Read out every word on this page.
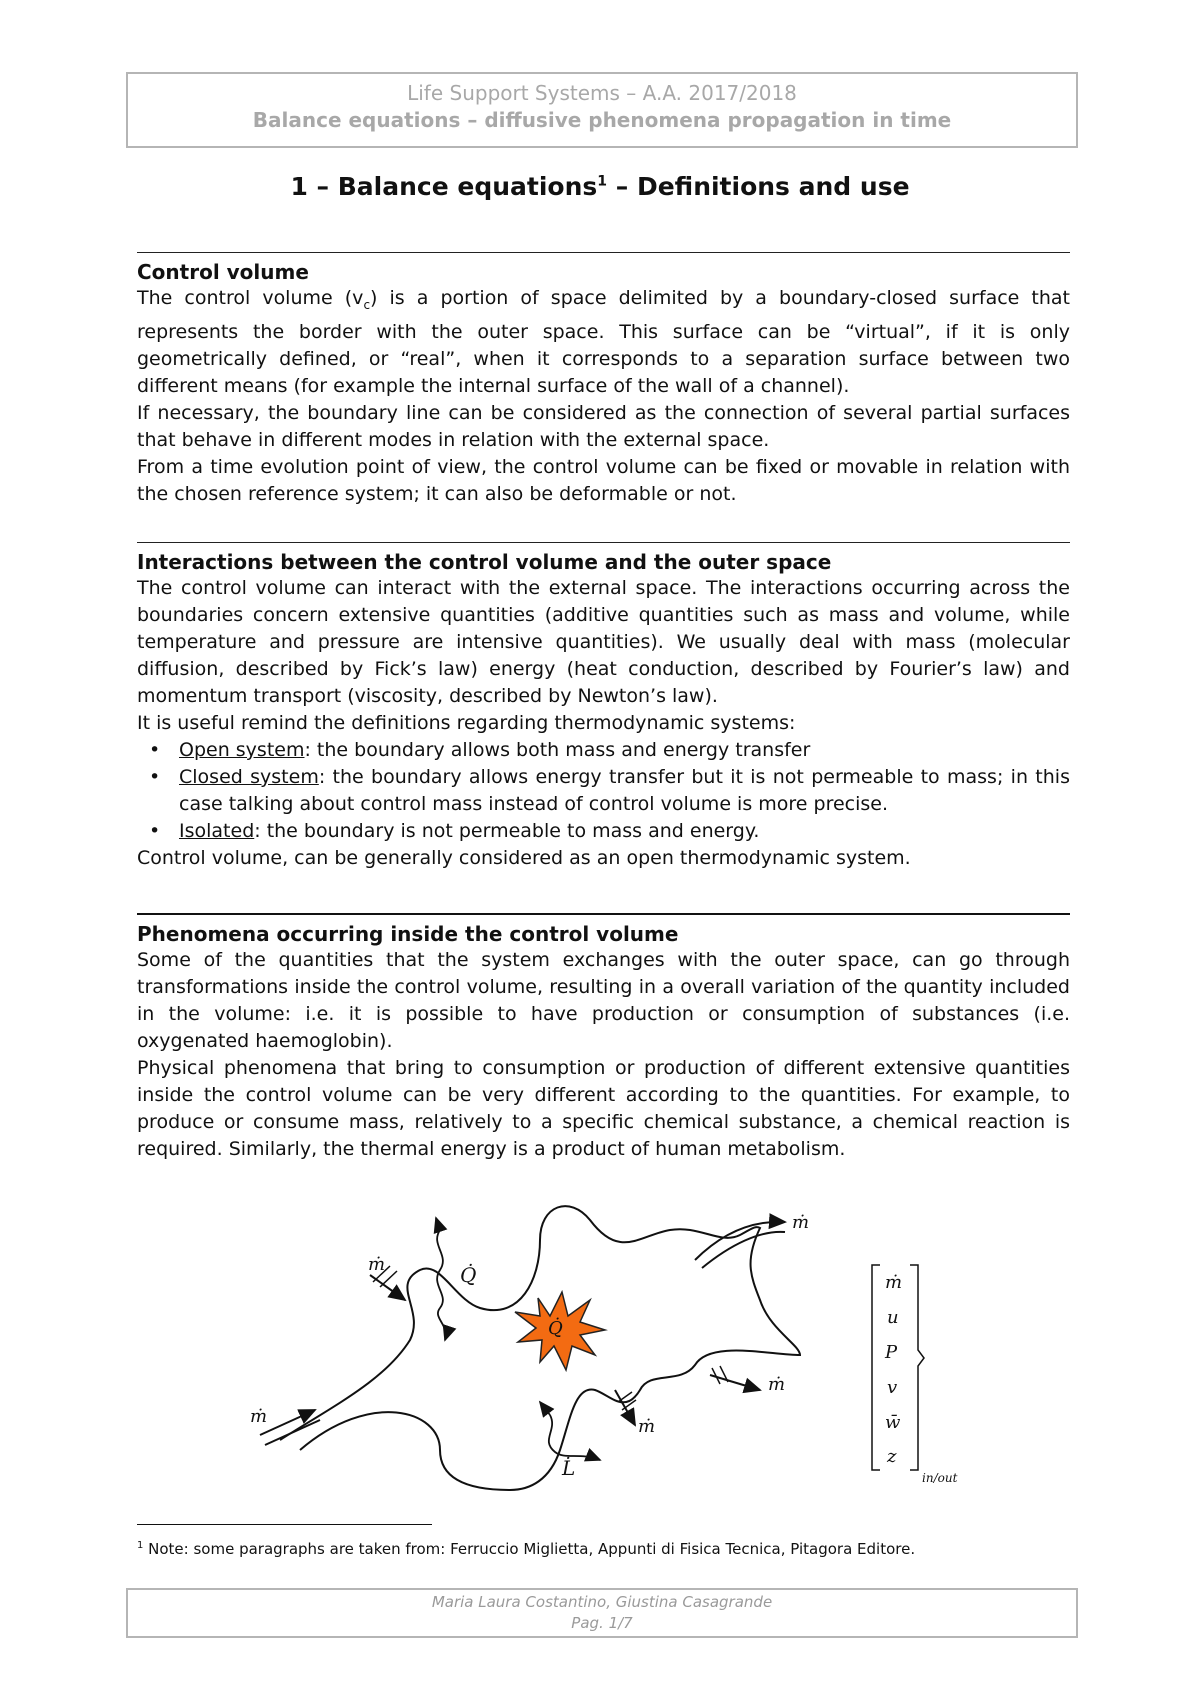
Life Support Systems – A.A. 2017/2018
Balance equations – diffusive phenomena propagation in time
1 – Balance equations$^1$ – Definitions and use
Control volume
The control volume $(v_c)$ is a portion of space delimited by a boundary-closed surface that represents the border with the outer space. This surface can be “virtual”, if it is only geometrically defined, or “real”, when it corresponds to a separation surface between two different means (for example the internal surface of the wall of a channel).
If necessary, the boundary line can be considered as the connection of several partial surfaces that behave in different modes in relation with the external space.
From a time evolution point of view, the control volume can be fixed or movable in relation with the chosen reference system; it can also be deformable or not.
Interactions between the control volume and the outer space
The control volume can interact with the external space. The interactions occurring across the boundaries concern extensive quantities (additive quantities such as mass and volume, while temperature and pressure are intensive quantities). We usually deal with mass (molecular diffusion, described by Fick’s law) energy (heat conduction, described by Fourier’s law) and momentum transport (viscosity, described by Newton’s law).
It is useful remind the definitions regarding thermodynamic systems:
• Open system: the boundary allows both mass and energy transfer
• Closed system: the boundary allows energy transfer but it is not permeable to mass; in this case talking about control mass instead of control volume is more precise.
• Isolated: the boundary is not permeable to mass and energy.
Control volume, can be generally considered as an open thermodynamic system.
Phenomena occurring inside the control volume
Some of the quantities that the system exchanges with the outer space, can go through transformations inside the control volume, resulting in a overall variation of the quantity included in the volume: i.e. it is possible to have production or consumption of substances (i.e. oxygenated haemoglobin).
Physical phenomena that bring to consumption or production of different extensive quantities inside the control volume can be very different according to the quantities. For example, to produce or consume mass, relatively to a specific chemical substance, a chemical reaction is required. Similarly, the thermal energy is a product of human metabolism.
ṁ
ṁ	Q̇
Q̇
ṁ
ṁ
ṁ
L̇
ṁ
u
P
v
w̄
z
in/out
$^1$ Note: some paragraphs are taken from: Ferruccio Miglietta, Appunti di Fisica Tecnica, Pitagora Editore.
Maria Laura Costantino, Giustina Casagrande
Pag. 1/7
